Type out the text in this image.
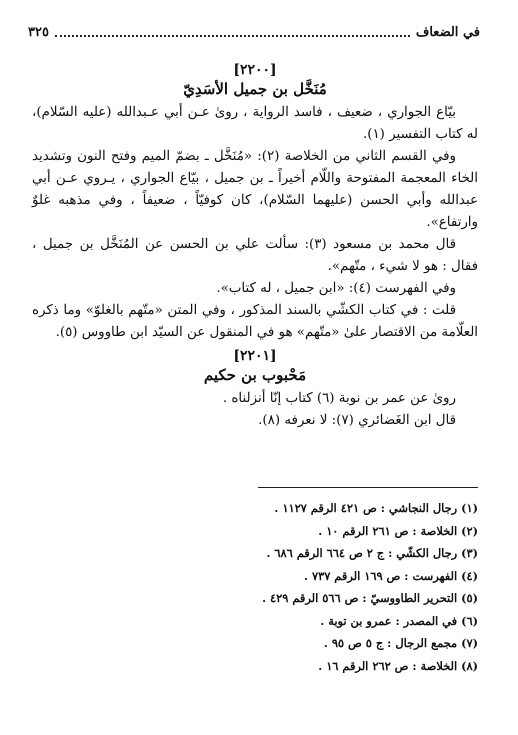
في الضعاف
٣٢٥
[٢٢٠٠]
مُنَخَّل بن جميل الأسَدِيّ

بيّاع الجواري ، ضعيف ، فاسد الرواية ، روىٰ عـن أبي عـبدالله (عليه السّلام)، له كتاب التفسير (١).

وفي القسم الثاني من الخلاصة (٢): «مُنَخَّل ـ بضمّ الميم وفتح النون وتشديد الخاء المعجمة المفتوحة واللّام أخيراً ـ بن جميل ، بيّاع الجواري ، يـروي عـن أبي عبدالله وأبي الحسن (عليهما السّلام)، كان كوفيّاً ، ضعيفاً ، وفي مذهبه غلوٌ وارتفاع».

قال محمد بن مسعود (٣): سألت علي بن الحسن عن المُنَخَّل بن جميل ، فقال : هو لا شيء ، متّهم».

وفي الفهرست (٤): «ابن جميل ، له كتاب».

قلت : في كتاب الكشّي بالسند المذكور ، وفي المتن «متّهم بالغلوّ» وما ذكره العلّامة من الاقتصار علىٰ «متّهم» هو في المنقول عن السيّد ابن طاووس (٥).

[٢٢٠١]
مَحْبوب بن حكيم

روىٰ عن عمر بن نوبة (٦) كتاب إنّا أنزلناه .

قال ابن الغَضائري (٧): لا نعرفه (٨).

(١) رجال النجاشي : ص ٤٢١ الرقم ١١٢٧ .
(٢) الخلاصة : ص ٢٦١ الرقم ١٠ .
(٣) رجال الكشّي : ج ٢ ص ٦٦٤ الرقم ٦٨٦ .
(٤) الفهرست : ص ١٦٩ الرقم ٧٣٧ .
(٥) التحرير الطاووسيّ : ص ٥٦٦ الرقم ٤٢٩ .
(٦) في المصدر : عمرو بن توبة .
(٧) مجمع الرجال : ج ٥ ص ٩٥ .
(٨) الخلاصة : ص ٢٦٢ الرقم ١٦ .
